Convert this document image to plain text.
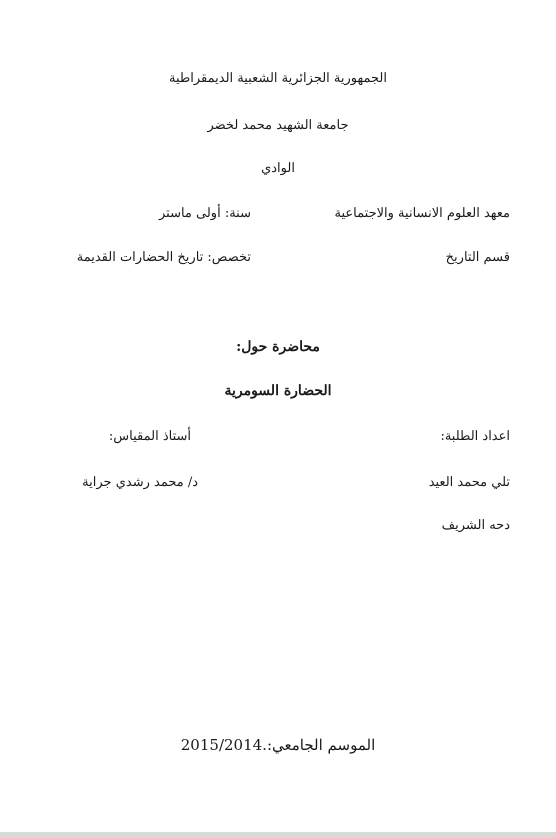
الجمهورية الجزائرية الشعبية الديمقراطية
جامعة الشهيد محمد لخضر
الوادي
معهد العلوم الانسانية والاجتماعية
سنة: أولى ماستر
قسم التاريخ
تخصص: تاريخ الحضارات القديمة
محاضرة حول:
الحضارة السومرية
اعداد الطلبة:
أستاذ المقياس:
تلي محمد العيد
د/ محمد رشدي جراية
دحه الشريف
الموسم الجامعي:2015/2014.
